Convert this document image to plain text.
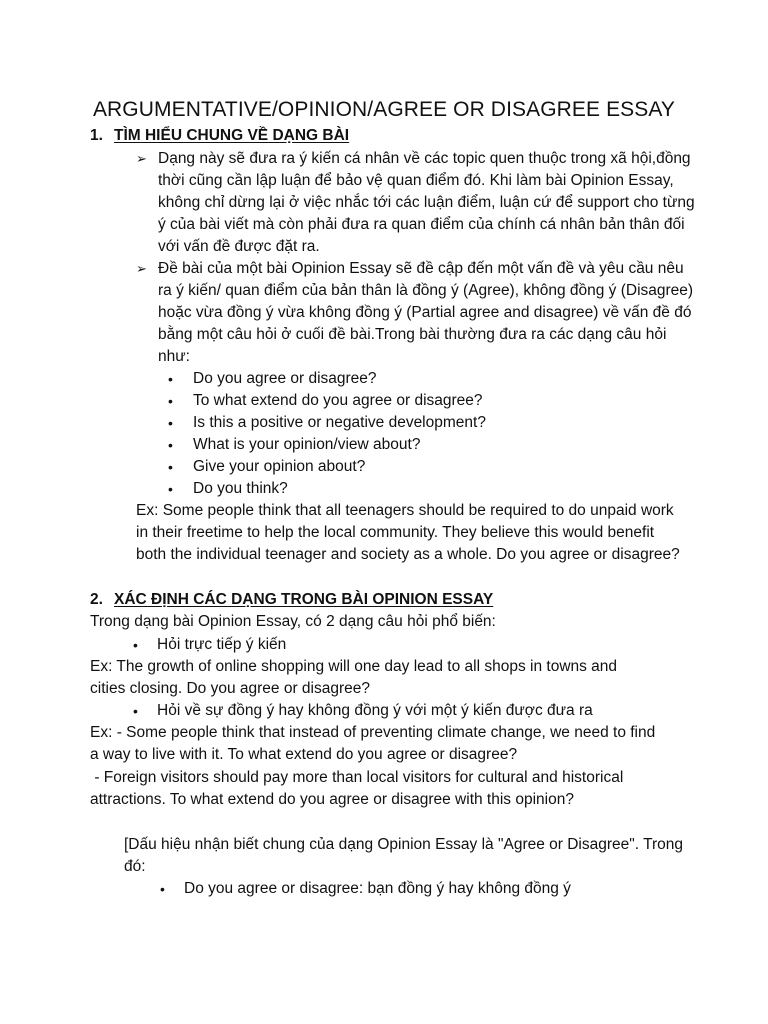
ARGUMENTATIVE/OPINION/AGREE OR DISAGREE ESSAY
1. TÌM HIỂU CHUNG VỀ DẠNG BÀI
➢ Dạng này sẽ đưa ra ý kiến cá nhân về các topic quen thuộc trong xã hội,đồng thời cũng cần lập luận để bảo vệ quan điểm đó. Khi làm bài Opinion Essay, không chỉ dừng lại ở việc nhắc tới các luận điểm, luận cứ để support cho từng ý của bài viết mà còn phải đưa ra quan điểm của chính cá nhân bản thân đối với vấn đề được đặt ra.
➢ Đề bài của một bài Opinion Essay sẽ đề cập đến một vấn đề và yêu cầu nêu ra ý kiến/ quan điểm của bản thân là đồng ý (Agree), không đồng ý (Disagree) hoặc vừa đồng ý vừa không đồng ý (Partial agree and disagree) về vấn đề đó bằng một câu hỏi ở cuối đề bài.Trong bài thường đưa ra các dạng câu hỏi như:
• Do you agree or disagree?
• To what extend do you agree or disagree?
• Is this a positive or negative development?
• What is your opinion/view about?
• Give your opinion about?
• Do you think?
Ex: Some people think that all teenagers should be required to do unpaid work in their freetime to help the local community. They believe this would benefit both the individual teenager and society as a whole. Do you agree or disagree?
2. XÁC ĐỊNH CÁC DẠNG TRONG BÀI OPINION ESSAY
Trong dạng bài Opinion Essay, có 2 dạng câu hỏi phổ biến:
• Hỏi trực tiếp ý kiến
Ex: The growth of online shopping will one day lead to all shops in towns and cities closing. Do you agree or disagree?
• Hỏi về sự đồng ý hay không đồng ý với một ý kiến được đưa ra
Ex: - Some people think that instead of preventing climate change, we need to find a way to live with it. To what extend do you agree or disagree?
- Foreign visitors should pay more than local visitors for cultural and historical attractions. To what extend do you agree or disagree with this opinion?
[Dấu hiệu nhận biết chung của dạng Opinion Essay là "Agree or Disagree". Trong đó:
• Do you agree or disagree: bạn đồng ý hay không đồng ý
